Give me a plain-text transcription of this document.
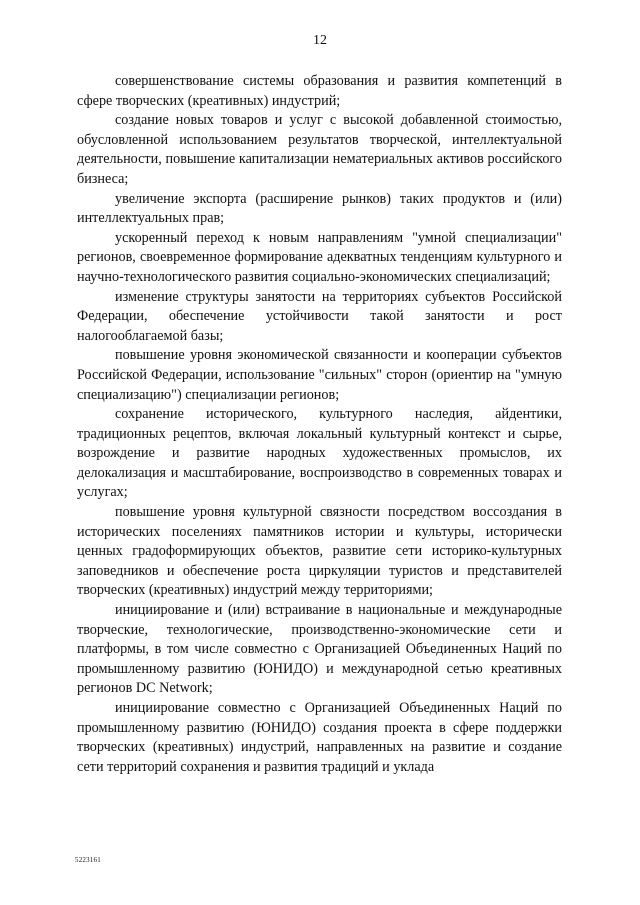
12

совершенствование системы образования и развития компетенций в сфере творческих (креативных) индустрий;

создание новых товаров и услуг с высокой добавленной стоимостью, обусловленной использованием результатов творческой, интеллектуальной деятельности, повышение капитализации нематериальных активов российского бизнеса;

увеличение экспорта (расширение рынков) таких продуктов и (или) интеллектуальных прав;

ускоренный переход к новым направлениям "умной специализации" регионов, своевременное формирование адекватных тенденциям культурного и научно-технологического развития социально-экономических специализаций;

изменение структуры занятости на территориях субъектов Российской Федерации, обеспечение устойчивости такой занятости и рост налогооблагаемой базы;

повышение уровня экономической связанности и кооперации субъектов Российской Федерации, использование "сильных" сторон (ориентир на "умную специализацию") специализации регионов;

сохранение исторического, культурного наследия, айдентики, традиционных рецептов, включая локальный культурный контекст и сырье, возрождение и развитие народных художественных промыслов, их делокализация и масштабирование, воспроизводство в современных товарах и услугах;

повышение уровня культурной связности посредством воссоздания в исторических поселениях памятников истории и культуры, исторически ценных градоформирующих объектов, развитие сети историко-культурных заповедников и обеспечение роста циркуляции туристов и представителей творческих (креативных) индустрий между территориями;

инициирование и (или) встраивание в национальные и международные творческие, технологические, производственно-экономические сети и платформы, в том числе совместно с Организацией Объединенных Наций по промышленному развитию (ЮНИДО) и международной сетью креативных регионов DC Network;

инициирование совместно с Организацией Объединенных Наций по промышленному развитию (ЮНИДО) создания проекта в сфере поддержки творческих (креативных) индустрий, направленных на развитие и создание сети территорий сохранения и развития традиций и уклада

5223161
